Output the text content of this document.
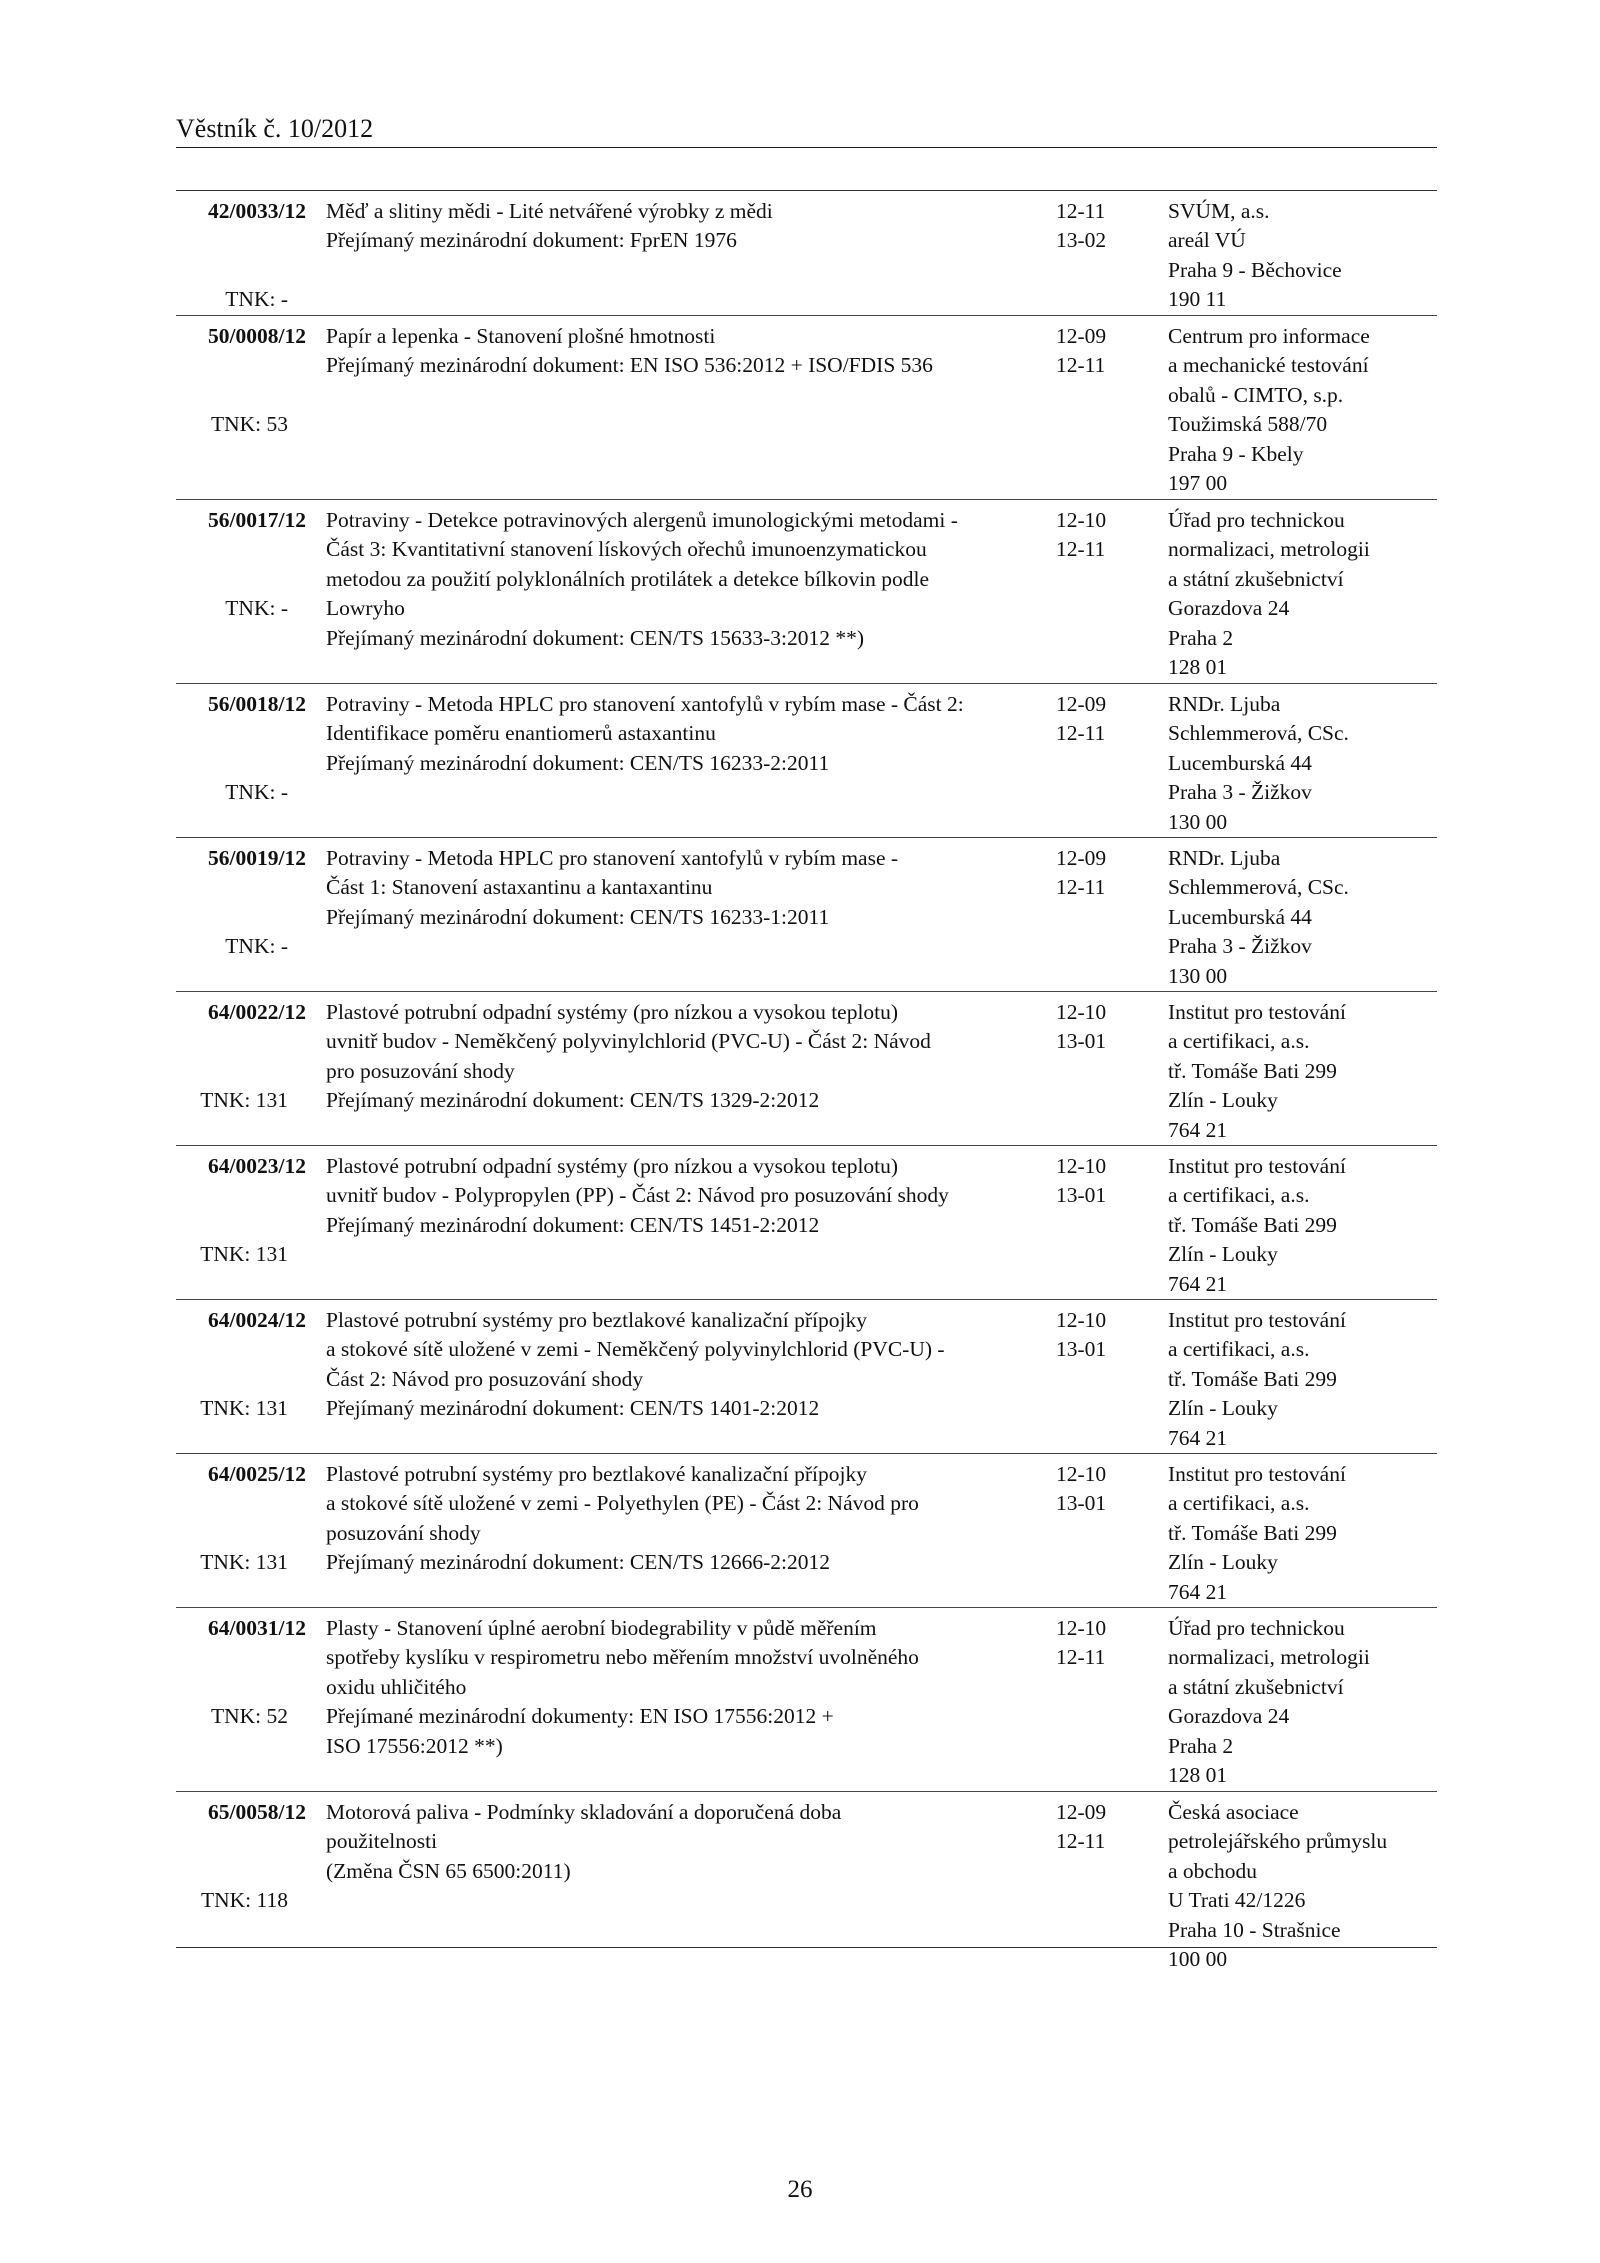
Věstník č. 10/2012
42/0033/12
TNK: -
Měď a slitiny mědi - Lité netvářené výrobky z mědi
Přejímaný mezinárodní dokument: FprEN 1976
12-11
13-02
SVÚM, a.s.
areál VÚ
Praha 9 - Běchovice
190 11
50/0008/12
TNK: 53
Papír a lepenka - Stanovení plošné hmotnosti
Přejímaný mezinárodní dokument: EN ISO 536:2012 + ISO/FDIS 536
12-09
12-11
Centrum pro informace
a mechanické testování
obalů - CIMTO, s.p.
Toužimská 588/70
Praha 9 - Kbely
197 00
56/0017/12
TNK: -
Potraviny - Detekce potravinových alergenů imunologickými metodami -
Část 3: Kvantitativní stanovení lískových ořechů imunoenzymatickou
metodou za použití polyklonálních protilátek a detekce bílkovin podle
Lowryho
Přejímaný mezinárodní dokument: CEN/TS 15633-3:2012 **)
12-10
12-11
Úřad pro technickou
normalizaci, metrologii
a státní zkušebnictví
Gorazdova 24
Praha 2
128 01
56/0018/12
TNK: -
Potraviny - Metoda HPLC pro stanovení xantofylů v rybím mase - Část 2:
Identifikace poměru enantiomerů astaxantinu
Přejímaný mezinárodní dokument: CEN/TS 16233-2:2011
12-09
12-11
RNDr. Ljuba
Schlemmerová, CSc.
Lucemburská 44
Praha 3 - Žižkov
130 00
56/0019/12
TNK: -
Potraviny - Metoda HPLC pro stanovení xantofylů v rybím mase -
Část 1: Stanovení astaxantinu a kantaxantinu
Přejímaný mezinárodní dokument: CEN/TS 16233-1:2011
12-09
12-11
RNDr. Ljuba
Schlemmerová, CSc.
Lucemburská 44
Praha 3 - Žižkov
130 00
64/0022/12
TNK: 131
Plastové potrubní odpadní systémy (pro nízkou a vysokou teplotu)
uvnitř budov - Neměkčený polyvinylchlorid (PVC-U) - Část 2: Návod
pro posuzování shody
Přejímaný mezinárodní dokument: CEN/TS 1329-2:2012
12-10
13-01
Institut pro testování
a certifikaci, a.s.
tř. Tomáše Bati 299
Zlín - Louky
764 21
64/0023/12
TNK: 131
Plastové potrubní odpadní systémy (pro nízkou a vysokou teplotu)
uvnitř budov - Polypropylen (PP) - Část 2: Návod pro posuzování shody
Přejímaný mezinárodní dokument: CEN/TS 1451-2:2012
12-10
13-01
Institut pro testování
a certifikaci, a.s.
tř. Tomáše Bati 299
Zlín - Louky
764 21
64/0024/12
TNK: 131
Plastové potrubní systémy pro beztlakové kanalizační přípojky
a stokové sítě uložené v zemi - Neměkčený polyvinylchlorid (PVC-U) -
Část 2: Návod pro posuzování shody
Přejímaný mezinárodní dokument: CEN/TS 1401-2:2012
12-10
13-01
Institut pro testování
a certifikaci, a.s.
tř. Tomáše Bati 299
Zlín - Louky
764 21
64/0025/12
TNK: 131
Plastové potrubní systémy pro beztlakové kanalizační přípojky
a stokové sítě uložené v zemi - Polyethylen (PE) - Část 2: Návod pro
posuzování shody
Přejímaný mezinárodní dokument: CEN/TS 12666-2:2012
12-10
13-01
Institut pro testování
a certifikaci, a.s.
tř. Tomáše Bati 299
Zlín - Louky
764 21
64/0031/12
TNK: 52
Plasty - Stanovení úplné aerobní biodegrability v půdě měřením
spotřeby kyslíku v respirometru nebo měřením množství uvolněného
oxidu uhličitého
Přejímané mezinárodní dokumenty: EN ISO 17556:2012 +
ISO 17556:2012 **)
12-10
12-11
Úřad pro technickou
normalizaci, metrologii
a státní zkušebnictví
Gorazdova 24
Praha 2
128 01
65/0058/12
TNK: 118
Motorová paliva - Podmínky skladování a doporučená doba
použitelnosti
(Změna ČSN 65 6500:2011)
12-09
12-11
Česká asociace
petrolejářského průmyslu
a obchodu
U Trati 42/1226
Praha 10 - Strašnice
100 00
26
